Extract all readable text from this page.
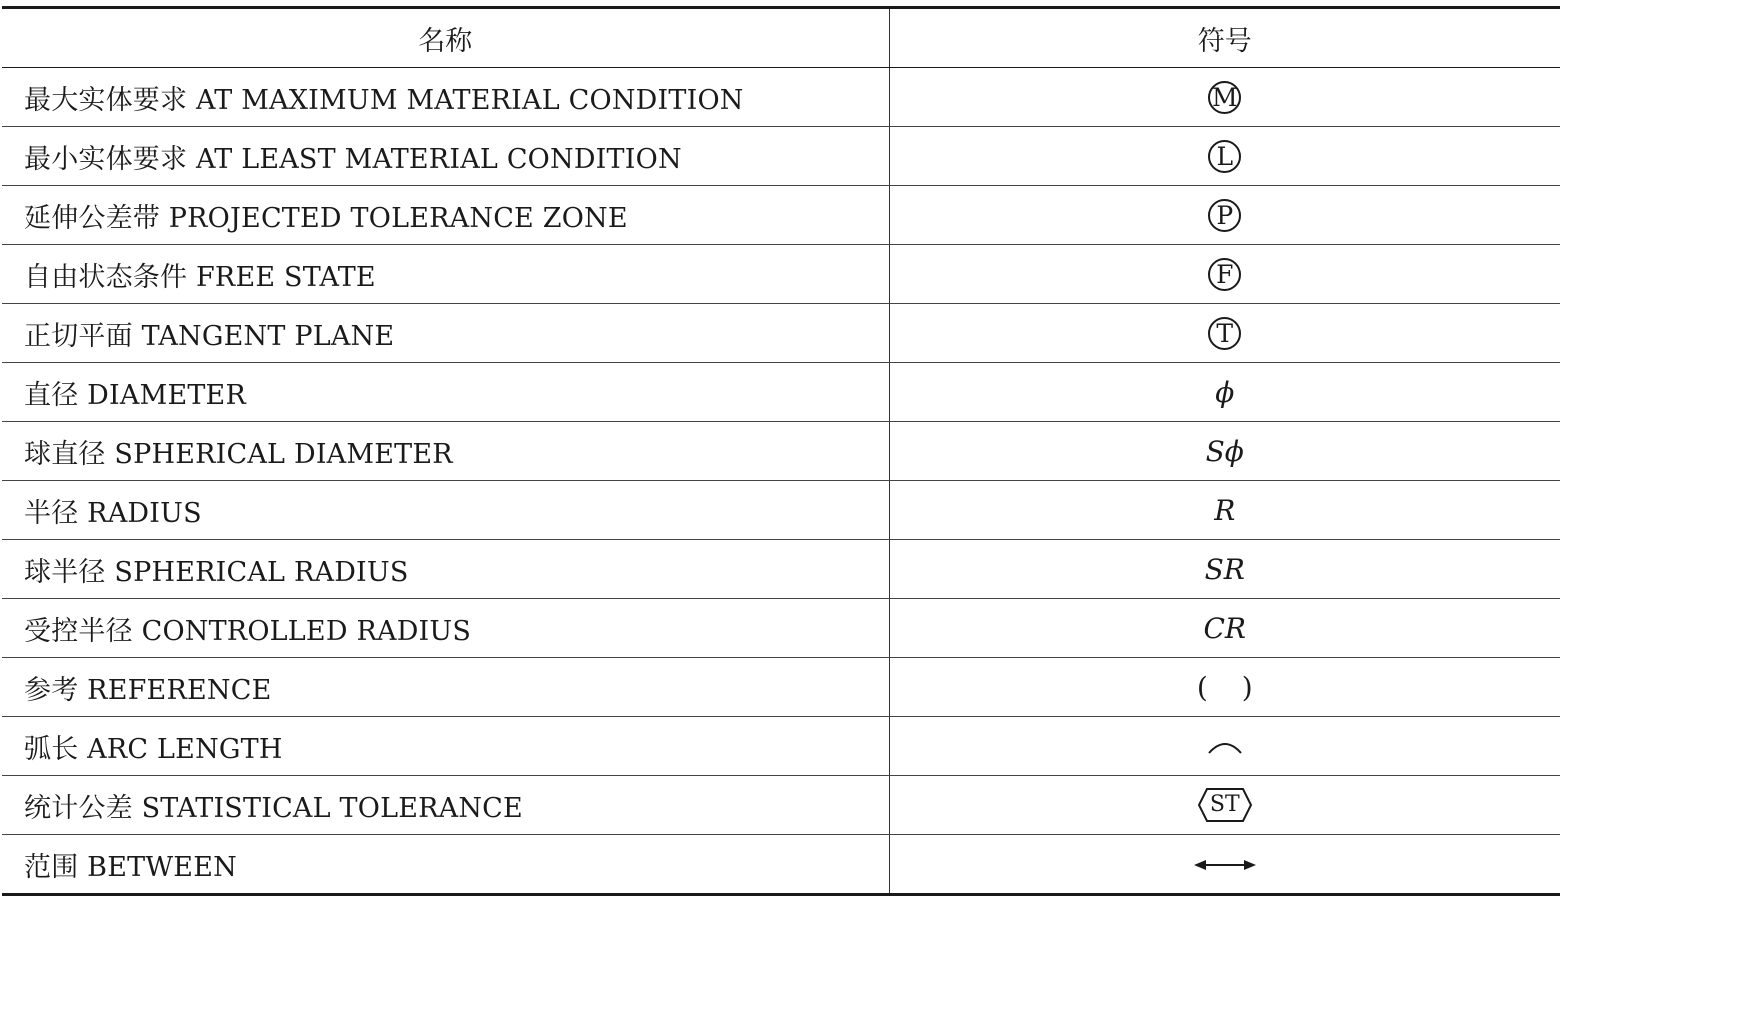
名称	符号
最大实体要求 AT MAXIMUM MATERIAL CONDITION	M
最小实体要求 AT LEAST MATERIAL CONDITION	L
延伸公差带 PROJECTED TOLERANCE ZONE	P
自由状态条件 FREE STATE	F
正切平面 TANGENT PLANE	T
直径 DIAMETER	ϕ
球直径 SPHERICAL DIAMETER	Sϕ
半径 RADIUS	R
球半径 SPHERICAL RADIUS	SR
受控半径 CONTROLLED RADIUS	CR
参考 REFERENCE	( )
弧长 ARC LENGTH	
统计公差 STATISTICAL TOLERANCE	ST

范围 BETWEEN	
